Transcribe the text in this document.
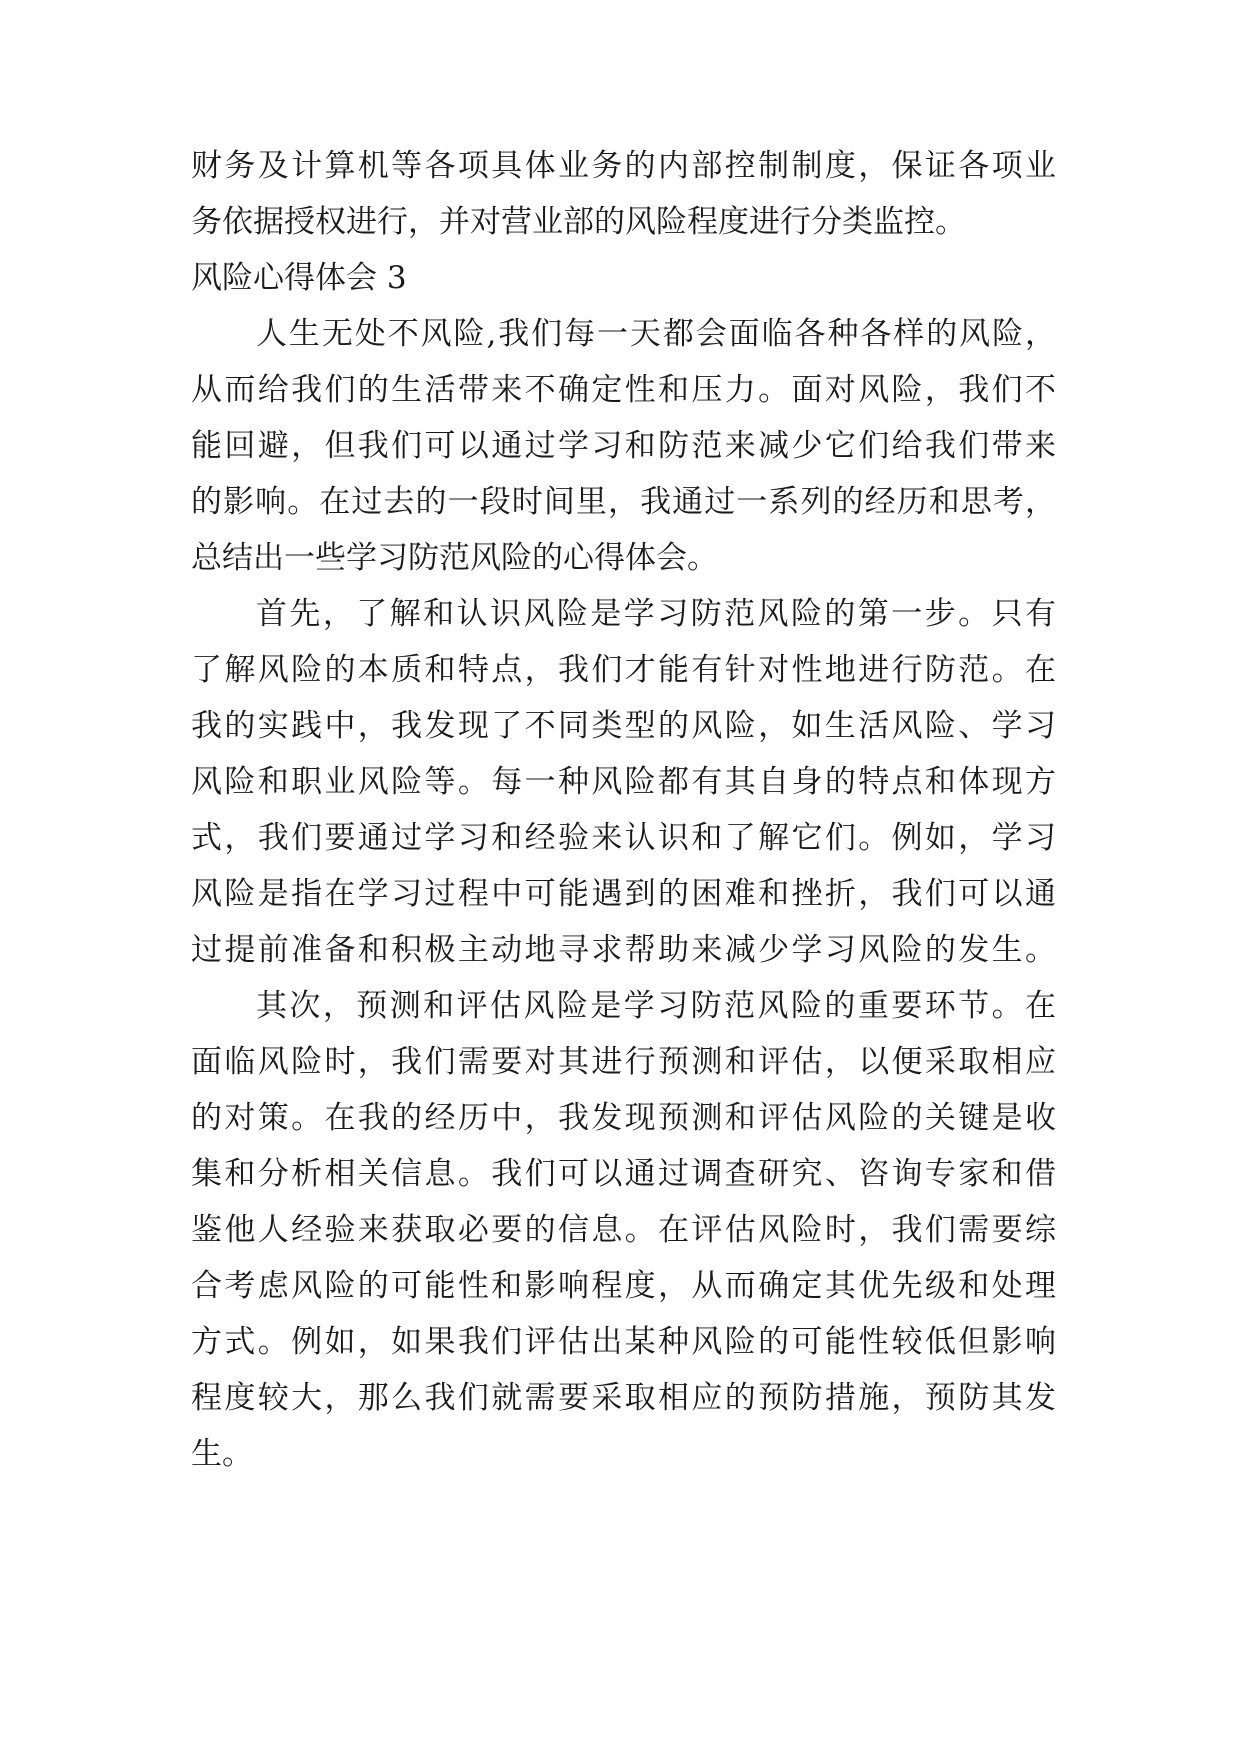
财务及计算机等各项具体业务的内部控制制度，保证各项业
务依据授权进行，并对营业部的风险程度进行分类监控。
风险心得体会 3
人生无处不风险,我们每一天都会面临各种各样的风险，
从而给我们的生活带来不确定性和压力。面对风险，我们不
能回避，但我们可以通过学习和防范来减少它们给我们带来
的影响。在过去的一段时间里，我通过一系列的经历和思考，
总结出一些学习防范风险的心得体会。
首先，了解和认识风险是学习防范风险的第一步。只有
了解风险的本质和特点，我们才能有针对性地进行防范。在
我的实践中，我发现了不同类型的风险，如生活风险、学习
风险和职业风险等。每一种风险都有其自身的特点和体现方
式，我们要通过学习和经验来认识和了解它们。例如，学习
风险是指在学习过程中可能遇到的困难和挫折，我们可以通
过提前准备和积极主动地寻求帮助来减少学习风险的发生。
其次，预测和评估风险是学习防范风险的重要环节。在
面临风险时，我们需要对其进行预测和评估，以便采取相应
的对策。在我的经历中，我发现预测和评估风险的关键是收
集和分析相关信息。我们可以通过调查研究、咨询专家和借
鉴他人经验来获取必要的信息。在评估风险时，我们需要综
合考虑风险的可能性和影响程度，从而确定其优先级和处理
方式。例如，如果我们评估出某种风险的可能性较低但影响
程度较大，那么我们就需要采取相应的预防措施，预防其发
生。
